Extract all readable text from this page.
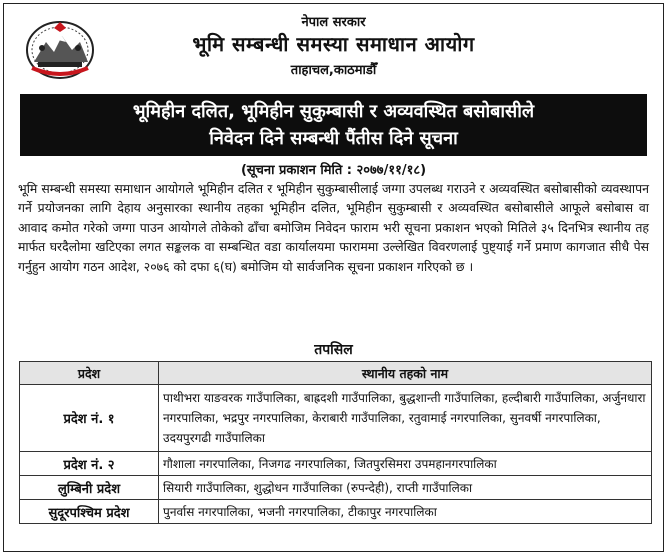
नेपाल सरकार
भूमि सम्बन्धी समस्या समाधान आयोग
ताहाचल,काठमाडौँ
भूमिहीन दलित, भूमिहीन सुकुम्बासी र अव्यवस्थित बसोबासीले
निवेदन दिने सम्बन्धी पैंतीस दिने सूचना
(सूचना प्रकाशन मिति : २०७७/११/१८)

भूमि सम्बन्धी समस्या समाधान आयोगले भूमिहीन दलित र भूमिहीन सुकुम्बासीलाई जग्गा उपलब्ध गराउने र अव्यवस्थित बसोबासीको व्यवस्थापन गर्ने प्रयोजनका लागि देहाय अनुसारका स्थानीय तहका भूमिहीन दलित, भूमिहीन सुकुम्बासी र अव्यवस्थित बसोबासीले आफूले बसोबास वा आवाद कमोत गरेको जग्गा पाउन आयोगले तोकेको ढाँचा बमोजिम निवेदन फाराम भरी सूचना प्रकाशन भएको मितिले ३५ दिनभित्र स्थानीय तह मार्फत घरदैलोमा खटिएका लगत सङ्कलक वा सम्बन्धित वडा कार्यालयमा फाराममा उल्लेखित विवरणलाई पुष्ट्याई गर्ने प्रमाण कागजात सीधै पेस गर्नुहुन आयोग गठन आदेश, २०७६ को दफा ६(घ) बमोजिम यो सार्वजनिक सूचना प्रकाशन गरिएको छ ।

तपसिल
प्रदेश	स्थानीय तहको नाम
प्रदेश नं. १	पाथीभरा याङवरक गाउँपालिका, बाह्रदशी गाउँपालिका, बुद्धशान्ती गाउँपालिका, हल्दीबारी गाउँपालिका, अर्जुनधारा नगरपालिका, भद्रपुर नगरपालिका, केराबारी गाउँपालिका, रतुवामाई नगरपालिका, सुनवर्षी नगरपालिका, उदयपुरगढी गाउँपालिका
प्रदेश नं. २	गौशाला नगरपालिका, निजगढ नगरपालिका, जितपुरसिमरा उपमहानगरपालिका
लुम्बिनी प्रदेश	सियारी गाउँपालिका, शुद्धोधन गाउँपालिका (रुपन्देही), राप्ती गाउँपालिका
सुदूरपश्चिम प्रदेश	पुनर्वास नगरपालिका, भजनी नगरपालिका, टीकापुर नगरपालिका
